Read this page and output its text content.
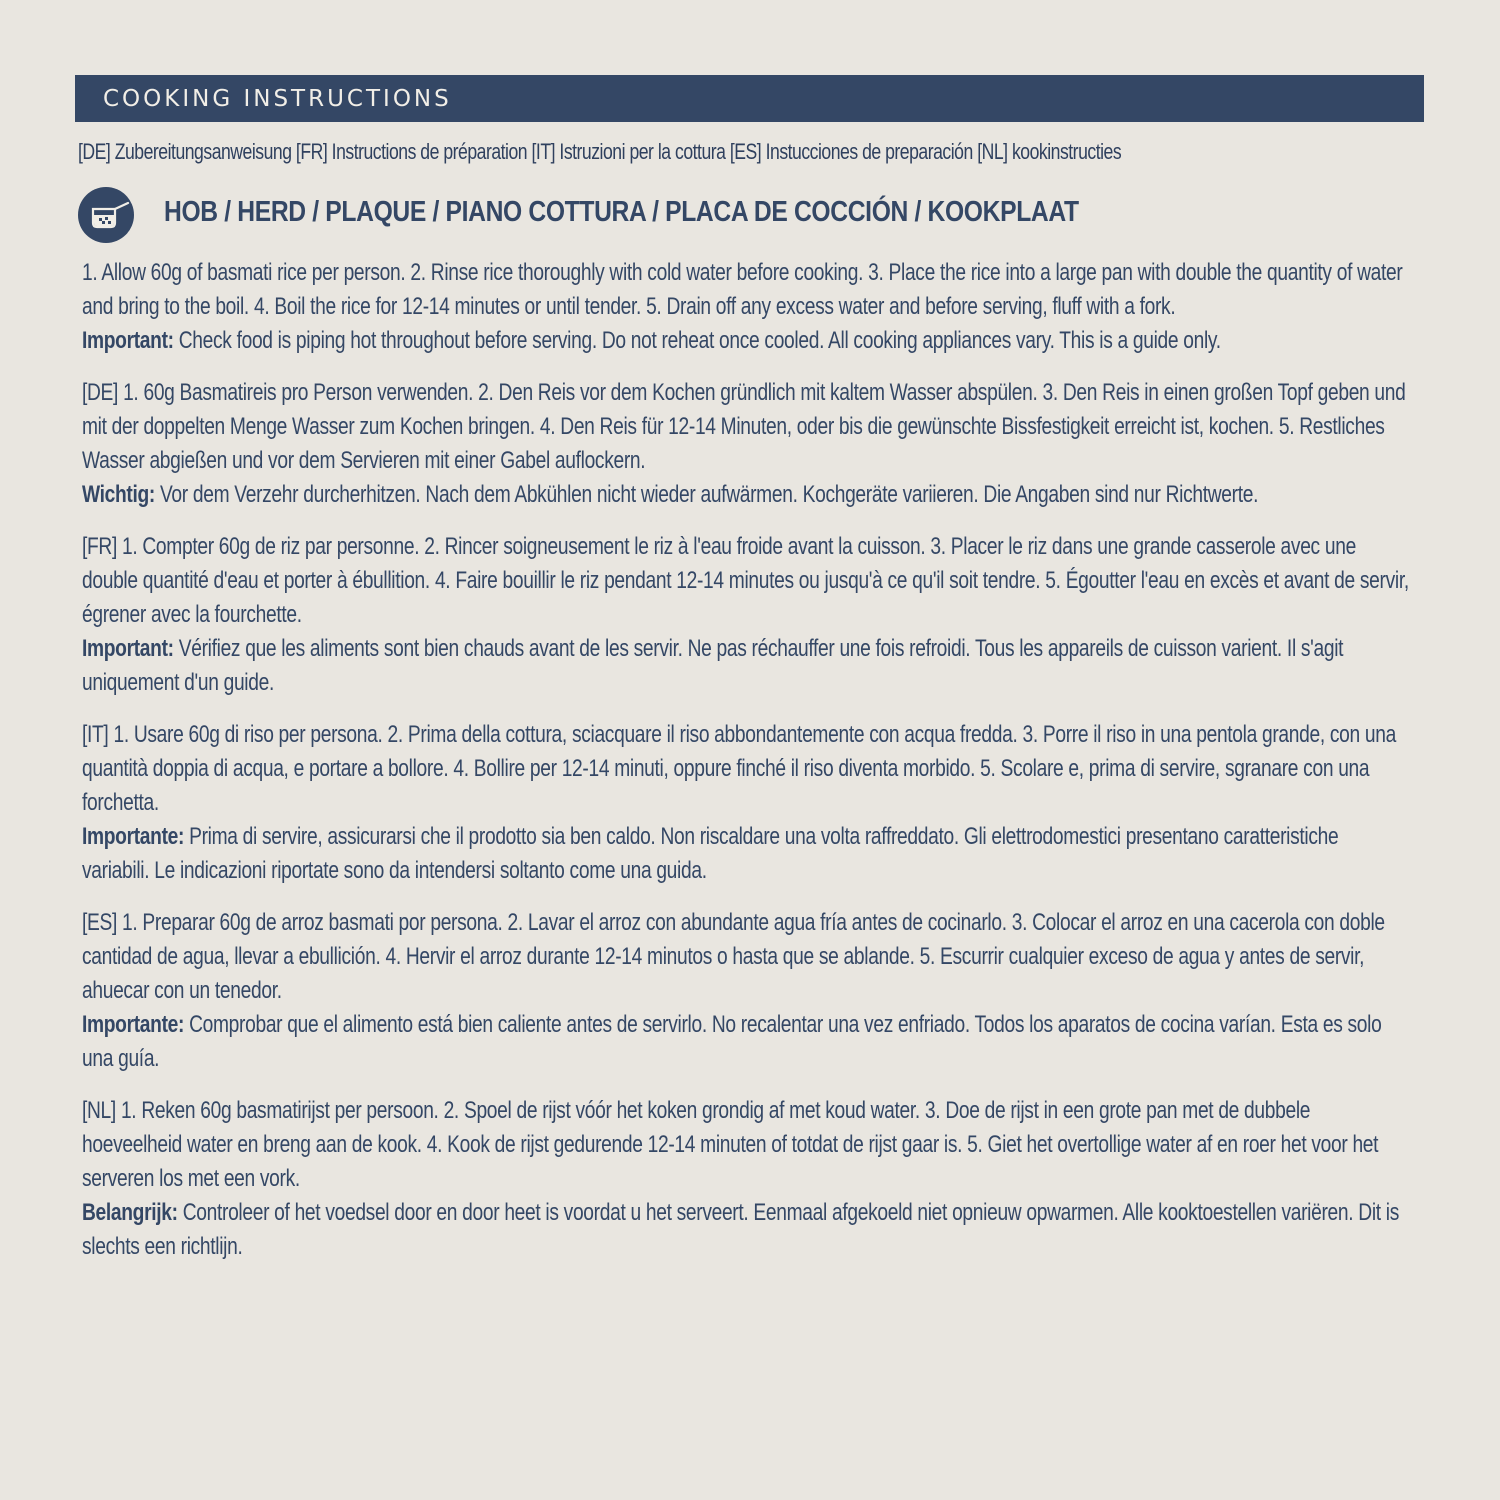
COOKING INSTRUCTIONS
[DE] Zubereitungsanweisung [FR] Instructions de préparation [IT] Istruzioni per la cottura [ES] Instucciones de preparación [NL] kookinstructies
HOB / HERD / PLAQUE / PIANO COTTURA / PLACA DE COCCIÓN / KOOKPLAAT

1. Allow 60g of basmati rice per person. 2. Rinse rice thoroughly with cold water before cooking. 3. Place the rice into a large pan with double the quantity of water and bring to the boil. 4. Boil the rice for 12-14 minutes or until tender. 5. Drain off any excess water and before serving, fluff with a fork.

Important: Check food is piping hot throughout before serving. Do not reheat once cooled. All cooking appliances vary. This is a guide only.

[DE] 1. 60g Basmatireis pro Person verwenden. 2. Den Reis vor dem Kochen gründlich mit kaltem Wasser abspülen. 3. Den Reis in einen großen Topf geben und mit der doppelten Menge Wasser zum Kochen bringen. 4. Den Reis für 12-14 Minuten, oder bis die gewünschte Bissfestigkeit erreicht ist, kochen. 5. Restliches Wasser abgießen und vor dem Servieren mit einer Gabel auflockern.

Wichtig: Vor dem Verzehr durcherhitzen. Nach dem Abkühlen nicht wieder aufwärmen. Kochgeräte variieren. Die Angaben sind nur Richtwerte.

[FR] 1. Compter 60g de riz par personne. 2. Rincer soigneusement le riz à l'eau froide avant la cuisson. 3. Placer le riz dans une grande casserole avec une double quantité d'eau et porter à ébullition. 4. Faire bouillir le riz pendant 12-14 minutes ou jusqu'à ce qu'il soit tendre. 5. Égoutter l'eau en excès et avant de servir, égrener avec la fourchette.

Important: Vérifiez que les aliments sont bien chauds avant de les servir. Ne pas réchauffer une fois refroidi. Tous les appareils de cuisson varient. Il s'agit uniquement d'un guide.

[IT] 1. Usare 60g di riso per persona. 2. Prima della cottura, sciacquare il riso abbondantemente con acqua fredda. 3. Porre il riso in una pentola grande, con una quantità doppia di acqua, e portare a bollore. 4. Bollire per 12-14 minuti, oppure finché il riso diventa morbido. 5. Scolare e, prima di servire, sgranare con una forchetta.

Importante: Prima di servire, assicurarsi che il prodotto sia ben caldo. Non riscaldare una volta raffreddato. Gli elettrodomestici presentano caratteristiche variabili. Le indicazioni riportate sono da intendersi soltanto come una guida.

[ES] 1. Preparar 60g de arroz basmati por persona. 2. Lavar el arroz con abundante agua fría antes de cocinarlo. 3. Colocar el arroz en una cacerola con doble cantidad de agua, llevar a ebullición. 4. Hervir el arroz durante 12-14 minutos o hasta que se ablande. 5. Escurrir cualquier exceso de agua y antes de servir, ahuecar con un tenedor.

Importante: Comprobar que el alimento está bien caliente antes de servirlo. No recalentar una vez enfriado. Todos los aparatos de cocina varían. Esta es solo una guía.

[NL] 1. Reken 60g basmatirijst per persoon. 2. Spoel de rijst vóór het koken grondig af met koud water. 3. Doe de rijst in een grote pan met de dubbele hoeveelheid water en breng aan de kook. 4. Kook de rijst gedurende 12-14 minuten of totdat de rijst gaar is. 5. Giet het overtollige water af en roer het voor het serveren los met een vork.

Belangrijk: Controleer of het voedsel door en door heet is voordat u het serveert. Eenmaal afgekoeld niet opnieuw opwarmen. Alle kooktoestellen variëren. Dit is slechts een richtlijn.
